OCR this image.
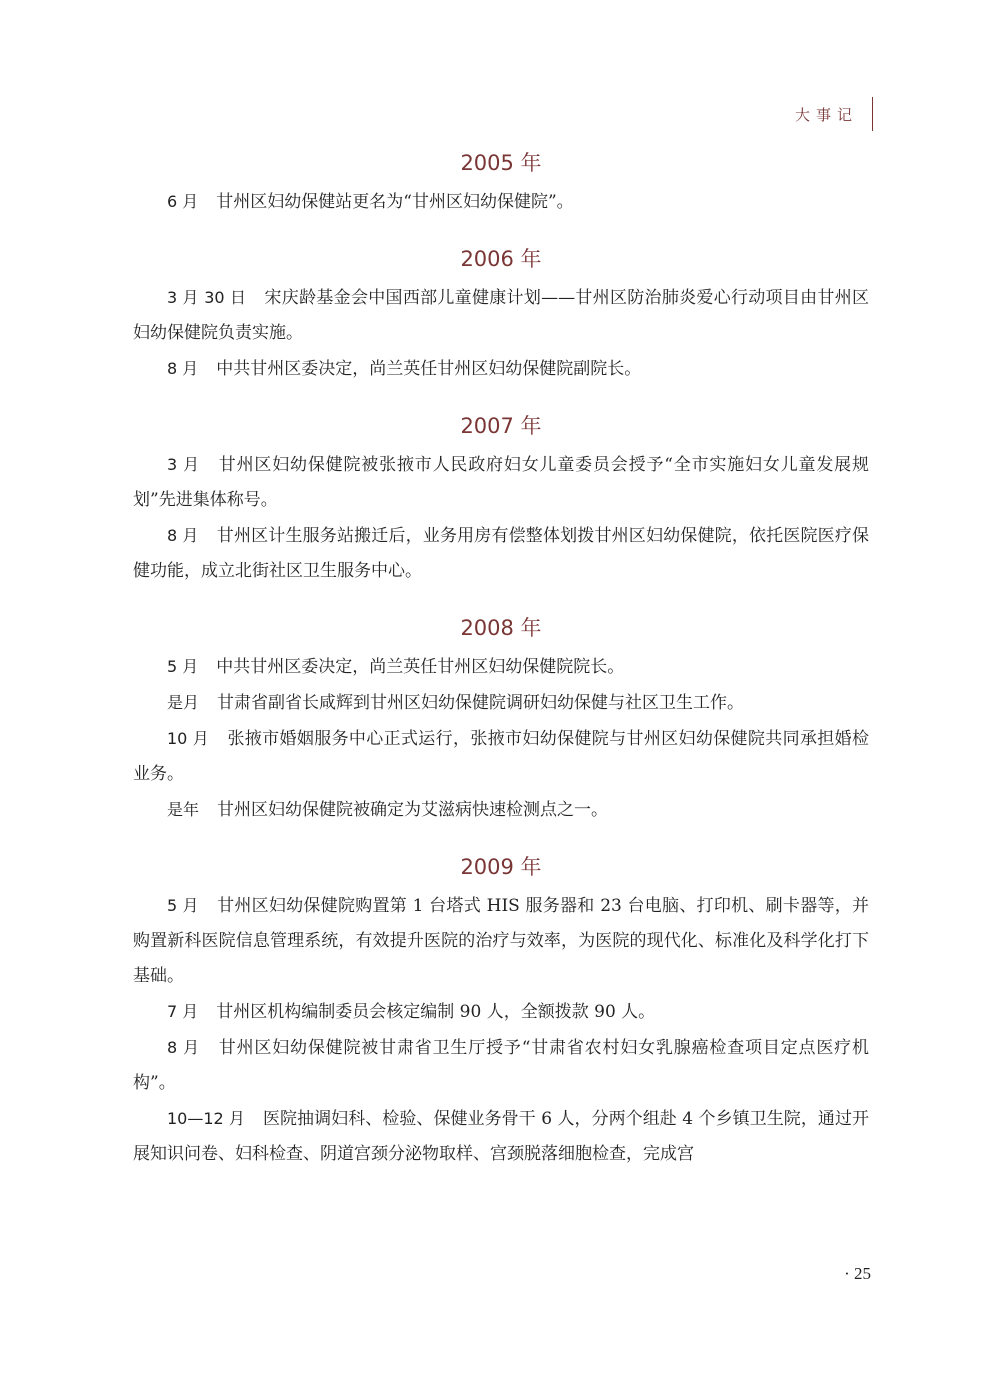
大事记
2005 年

6 月 甘州区妇幼保健站更名为“甘州区妇幼保健院”。

2006 年

3 月 30 日 宋庆龄基金会中国西部儿童健康计划——甘州区防治肺炎爱心行动项目由甘州区妇幼保健院负责实施。

8 月 中共甘州区委决定，尚兰英任甘州区妇幼保健院副院长。

2007 年

3 月 甘州区妇幼保健院被张掖市人民政府妇女儿童委员会授予“全市实施妇女儿童发展规划”先进集体称号。

8 月 甘州区计生服务站搬迁后，业务用房有偿整体划拨甘州区妇幼保健院，依托医院医疗保健功能，成立北街社区卫生服务中心。

2008 年

5 月 中共甘州区委决定，尚兰英任甘州区妇幼保健院院长。

是月 甘肃省副省长咸辉到甘州区妇幼保健院调研妇幼保健与社区卫生工作。

10 月 张掖市婚姻服务中心正式运行，张掖市妇幼保健院与甘州区妇幼保健院共同承担婚检业务。

是年 甘州区妇幼保健院被确定为艾滋病快速检测点之一。

2009 年

5 月 甘州区妇幼保健院购置第 1 台塔式 HIS 服务器和 23 台电脑、打印机、刷卡器等，并购置新科医院信息管理系统，有效提升医院的治疗与效率，为医院的现代化、标准化及科学化打下基础。

7 月 甘州区机构编制委员会核定编制 90 人，全额拨款 90 人。

8 月 甘州区妇幼保健院被甘肃省卫生厅授予“甘肃省农村妇女乳腺癌检查项目定点医疗机构”。

10—12 月 医院抽调妇科、检验、保健业务骨干 6 人，分两个组赴 4 个乡镇卫生院，通过开展知识问卷、妇科检查、阴道宫颈分泌物取样、宫颈脱落细胞检查，完成宫

· 25
